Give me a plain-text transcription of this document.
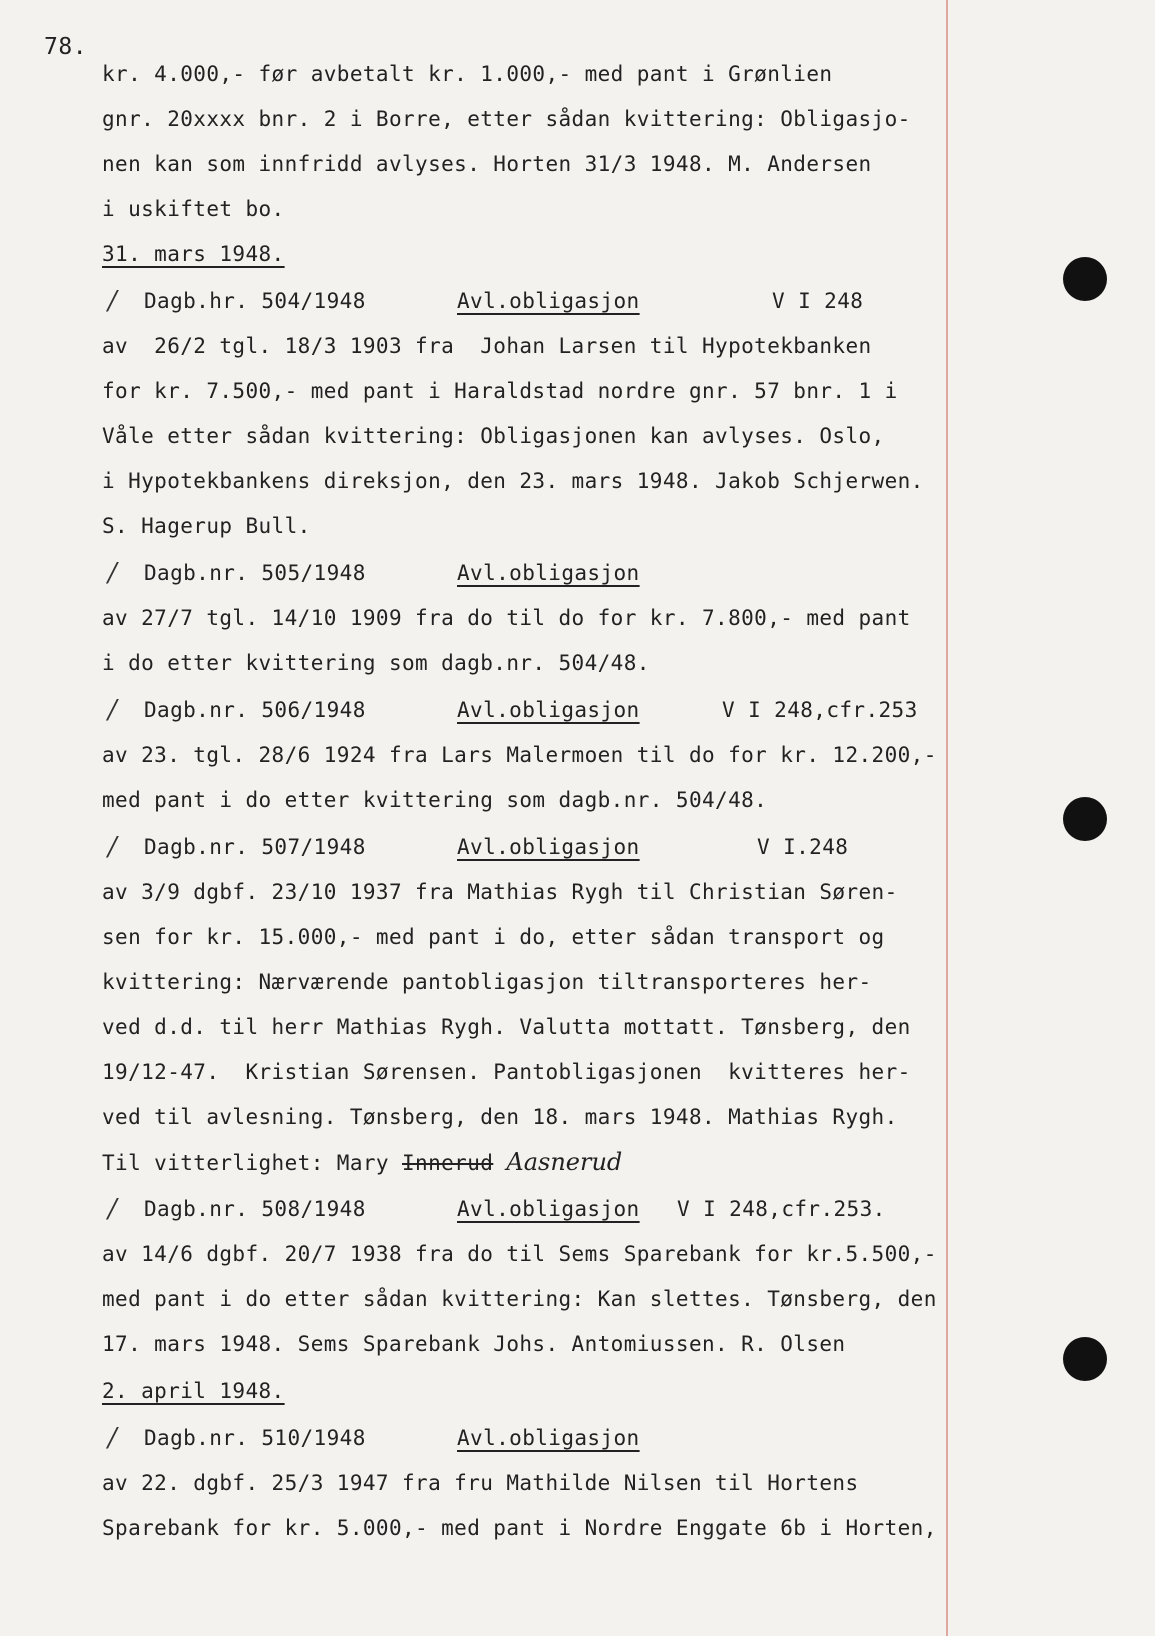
78.
kr. 4.000,- før avbetalt kr. 1.000,- med pant i Grønlien
gnr. 20xxxx bnr. 2 i Borre, etter sådan kvittering: Obligasjo-
nen kan som innfridd avlyses. Horten 31/3 1948. M. Andersen
i uskiftet bo.
31. mars 1948.
/ Dagb.hr. 504/1948	Avl.obligasjon	V I 248
av  26/2 tgl. 18/3 1903 fra  Johan Larsen til Hypotekbanken
for kr. 7.500,- med pant i Haraldstad nordre gnr. 57 bnr. 1 i
Våle etter sådan kvittering: Obligasjonen kan avlyses. Oslo,
i Hypotekbankens direksjon, den 23. mars 1948. Jakob Schjerwen.
S. Hagerup Bull.
/ Dagb.nr. 505/1948	Avl.obligasjon
av 27/7 tgl. 14/10 1909 fra do til do for kr. 7.800,- med pant
i do etter kvittering som dagb.nr. 504/48.
/ Dagb.nr. 506/1948	Avl.obligasjon	V I 248,cfr.253
av 23. tgl. 28/6 1924 fra Lars Malermoen til do for kr. 12.200,-
med pant i do etter kvittering som dagb.nr. 504/48.
/ Dagb.nr. 507/1948	Avl.obligasjon	V I.248
av 3/9 dgbf. 23/10 1937 fra Mathias Rygh til Christian Søren-
sen for kr. 15.000,- med pant i do, etter sådan transport og
kvittering: Nærværende pantobligasjon tiltransporteres her-
ved d.d. til herr Mathias Rygh. Valutta mottatt. Tønsberg, den
19/12-47.  Kristian Sørensen. Pantobligasjonen  kvitteres her-
ved til avlesning. Tønsberg, den 18. mars 1948. Mathias Rygh.
Til vitterlighet: Mary Innerud Aasnerud
/ Dagb.nr. 508/1948	Avl.obligasjon V I 248,cfr.253.
av 14/6 dgbf. 20/7 1938 fra do til Sems Sparebank for kr.5.500,-
med pant i do etter sådan kvittering: Kan slettes. Tønsberg, den
17. mars 1948. Sems Sparebank Johs. Antomiussen. R. Olsen
2. april 1948.
/ Dagb.nr. 510/1948	Avl.obligasjon
av 22. dgbf. 25/3 1947 fra fru Mathilde Nilsen til Hortens
Sparebank for kr. 5.000,- med pant i Nordre Enggate 6b i Horten,
